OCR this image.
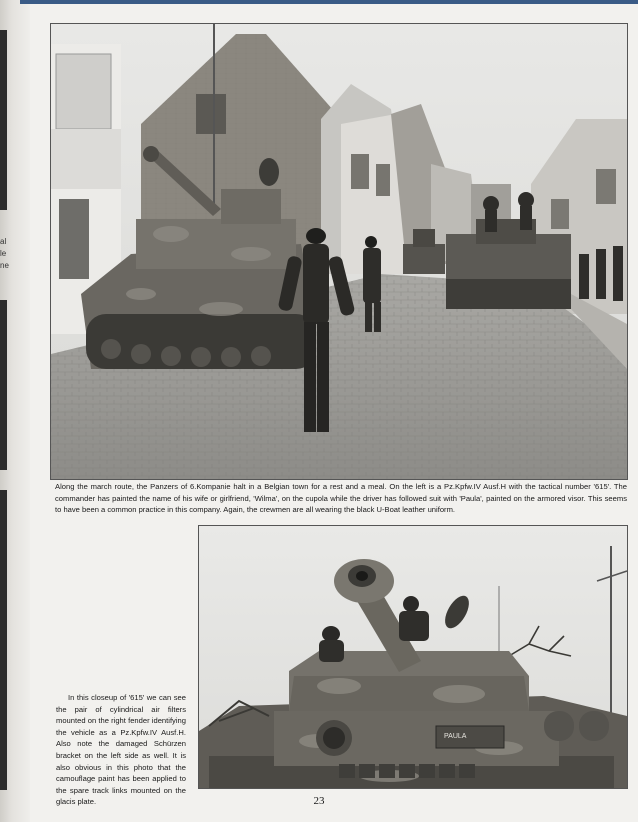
al
le
ne

Along the march route, the Panzers of 6.Kompanie halt in a Belgian town for a rest and a meal. On the left is a Pz.Kpfw.IV Ausf.H with the tactical number '615'. The commander has painted the name of his wife or girlfriend, 'Wilma', on the cupola while the driver has followed suit with 'Paula', painted on the armored visor. This seems to have been a common practice in this company. Again, the crewmen are all wearing the black U-Boat leather uniform.

PAULA

In this closeup of '615' we can see the pair of cylindrical air filters mounted on the right fender identifying the vehicle as a Pz.Kpfw.IV Ausf.H. Also note the damaged Schürzen bracket on the left side as well. It is also obvious in this photo that the camouflage paint has been applied to the spare track links mounted on the glacis plate.	23
